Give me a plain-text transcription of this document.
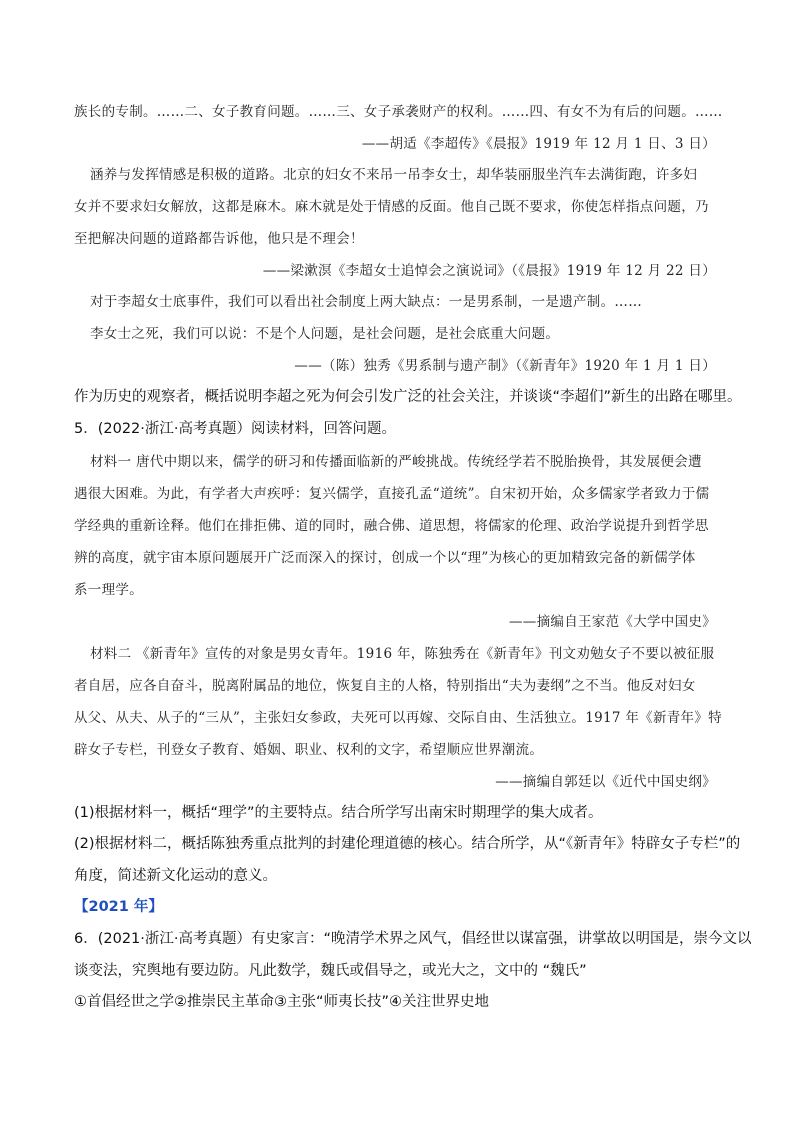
族长的专制。……二、女子教育问题。……三、女子承袭财产的权利。……四、有女不为有后的问题。……
——胡适《李超传》《晨报》1919 年 12 月 1 日、3 日）
涵养与发挥情感是积极的道路。北京的妇女不来吊一吊李女士，却华装丽服坐汽车去满街跑，许多妇
女并不要求妇女解放，这都是麻木。麻木就是处于情感的反面。他自己既不要求，你使怎样指点问题，乃
至把解决问题的道路都告诉他，他只是不理会！
——梁漱溟《李超女士追悼会之演说词》（《晨报》1919 年 12 月 22 日）
对于李超女士底事件，我们可以看出社会制度上两大缺点：一是男系制，一是遗产制。……
李女士之死，我们可以说：不是个人问题，是社会问题，是社会底重大问题。
——（陈）独秀《男系制与遗产制》（《新青年》1920 年 1 月 1 日）
作为历史的观察者，概括说明李超之死为何会引发广泛的社会关注，并谈谈“李超们”新生的出路在哪里。
5．(2022·浙江·高考真题）阅读材料，回答问题。
材料一 唐代中期以来，儒学的研习和传播面临新的严峻挑战。传统经学若不脱胎换骨，其发展便会遭
遇很大困难。为此，有学者大声疾呼：复兴儒学，直接孔孟“道统”。自宋初开始，众多儒家学者致力于儒
学经典的重新诠释。他们在排拒佛、道的同时，融合佛、道思想，将儒家的伦理、政治学说提升到哲学思
辨的高度，就宇宙本原问题展开广泛而深入的探讨，创成一个以“理”为核心的更加精致完备的新儒学体
系一理学。
——摘编自王家范《大学中国史》
材料二 《新青年》宣传的对象是男女青年。1916 年，陈独秀在《新青年》刊文劝勉女子不要以被征服
者自居，应各自奋斗，脱离附属品的地位，恢复自主的人格，特别指出“夫为妻纲”之不当。他反对妇女
从父、从夫、从子的“三从”，主张妇女参政，夫死可以再嫁、交际自由、生活独立。1917 年《新青年》特
辟女子专栏，刊登女子教育、婚姻、职业、权利的文字，希望顺应世界潮流。
——摘编自郭廷以《近代中国史纲》
(1)根据材料一，概括“理学”的主要特点。结合所学写出南宋时期理学的集大成者。
(2)根据材料二，概括陈独秀重点批判的封建伦理道德的核心。结合所学，从“《新青年》特辟女子专栏”的
角度，简述新文化运动的意义。
【2021 年】
6．(2021·浙江·高考真题）有史家言：“晚清学术界之风气，倡经世以谋富强，讲掌故以明国是，崇今文以
谈变法，究舆地有要边防。凡此数学，魏氏或倡导之，或光大之，文中的 “魏氏”
①首倡经世之学②推崇民主革命③主张“师夷长技”④关注世界史地
